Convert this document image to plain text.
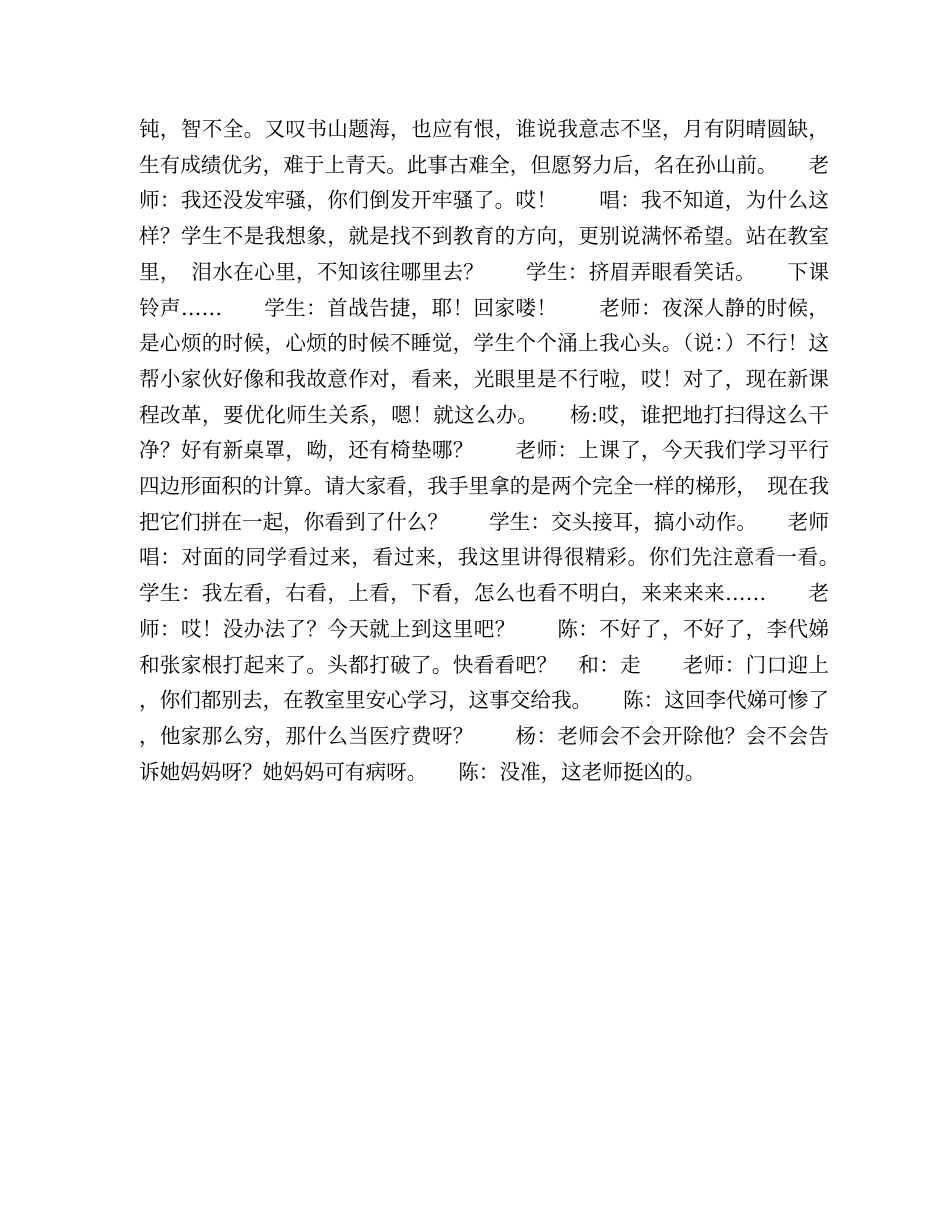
钝，智不全。又叹书山题海，也应有恨，谁说我意志不坚，月有阴晴圆缺，生有成绩优劣，难于上青天。此事古难全，但愿努力后，名在孙山前。　　老师：我还没发牢骚，你们倒发开牢骚了。哎！　　唱：我不知道，为什么这样？学生不是我想象，就是找不到教育的方向，更别说满怀希望。站在教室里，　泪水在心里，不知该往哪里去？　　学生：挤眉弄眼看笑话。　　下课铃声……　　学生：首战告捷，耶！回家喽！　　老师：夜深人静的时候，是心烦的时候，心烦的时候不睡觉，学生个个涌上我心头。（说：）不行！这帮小家伙好像和我故意作对，看来，光眼里是不行啦，哎！对了，现在新课程改革，要优化师生关系，嗯！就这么办。　　杨:哎，谁把地打扫得这么干净？好有新桌罩，呦，还有椅垫哪？　　老师：上课了，今天我们学习平行四边形面积的计算。请大家看，我手里拿的是两个完全一样的梯形，　现在我把它们拼在一起，你看到了什么？　　学生：交头接耳，搞小动作。　　老师唱：对面的同学看过来，看过来，我这里讲得很精彩。你们先注意看一看。　　学生：我左看，右看，上看，下看，怎么也看不明白，来来来来……　　老师：哎！没办法了？今天就上到这里吧？　　陈：不好了，不好了，李代娣和张家根打起来了。头都打破了。快看看吧？　和：走　　老师：门口迎上，你们都别去，在教室里安心学习，这事交给我。　　陈：这回李代娣可惨了，他家那么穷，那什么当医疗费呀？　　杨：老师会不会开除他？会不会告诉她妈妈呀？她妈妈可有病呀。　　陈：没准，这老师挺凶的。
